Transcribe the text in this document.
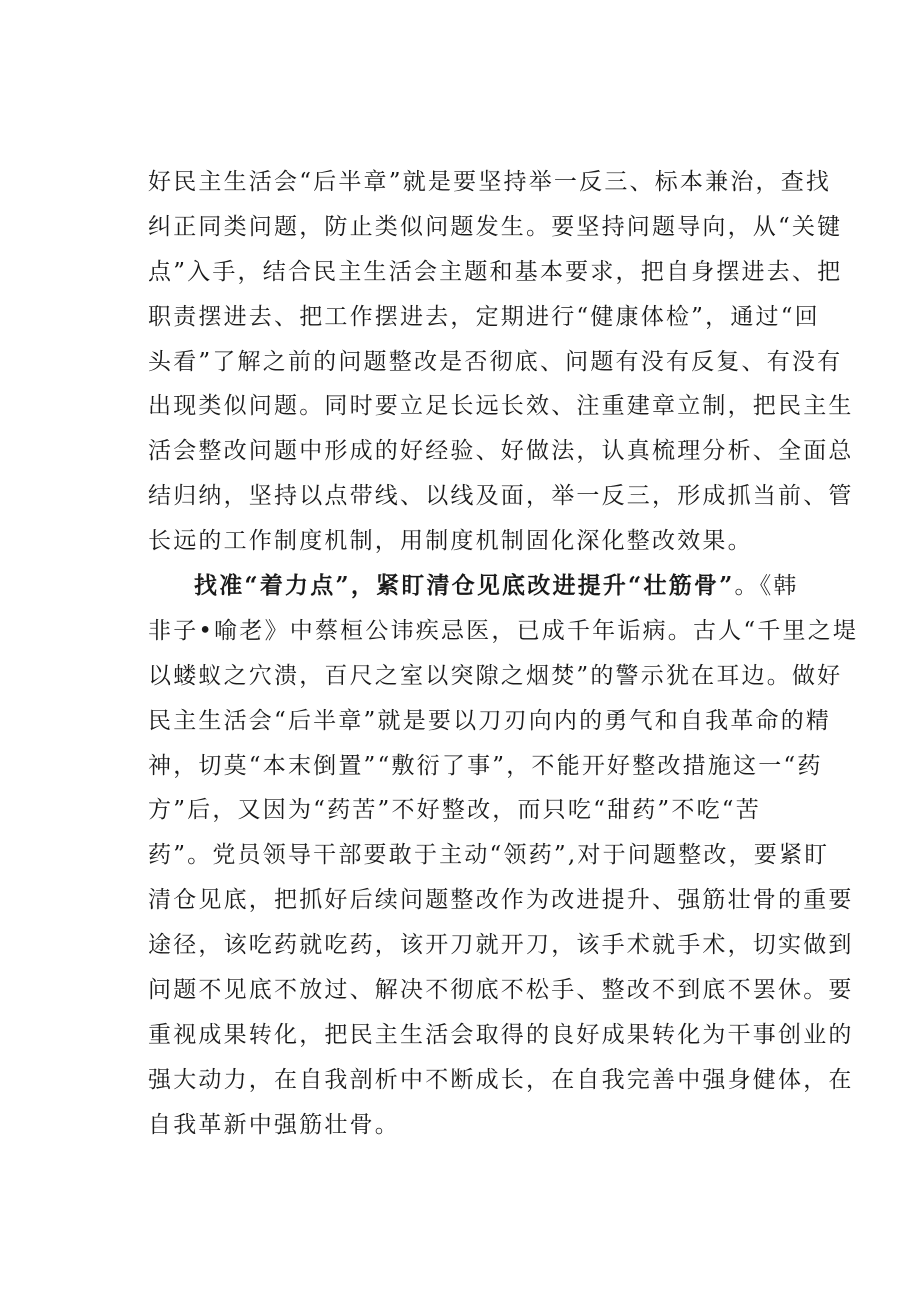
好民主生活会“后半章”就是要坚持举一反三、标本兼治，查找
纠正同类问题，防止类似问题发生。要坚持问题导向，从“关键
点”入手，结合民主生活会主题和基本要求，把自身摆进去、把
职责摆进去、把工作摆进去，定期进行“健康体检”，通过“回
头看”了解之前的问题整改是否彻底、问题有没有反复、有没有
出现类似问题。同时要立足长远长效、注重建章立制，把民主生
活会整改问题中形成的好经验、好做法，认真梳理分析、全面总
结归纳，坚持以点带线、以线及面，举一反三，形成抓当前、管
长远的工作制度机制，用制度机制固化深化整改效果。
找准“着力点”，紧盯清仓见底改进提升“壮筋骨”。《韩
非子•喻老》中蔡桓公讳疾忌医，已成千年诟病。古人“千里之堤
以蝼蚁之穴溃，百尺之室以突隙之烟焚”的警示犹在耳边。做好
民主生活会“后半章”就是要以刀刃向内的勇气和自我革命的精
神，切莫“本末倒置”“敷衍了事”，不能开好整改措施这一“药
方”后，又因为“药苦”不好整改，而只吃“甜药”不吃“苦
药”。党员领导干部要敢于主动“领药”,对于问题整改，要紧盯
清仓见底，把抓好后续问题整改作为改进提升、强筋壮骨的重要
途径，该吃药就吃药，该开刀就开刀，该手术就手术，切实做到
问题不见底不放过、解决不彻底不松手、整改不到底不罢休。要
重视成果转化，把民主生活会取得的良好成果转化为干事创业的
强大动力，在自我剖析中不断成长，在自我完善中强身健体，在
自我革新中强筋壮骨。
